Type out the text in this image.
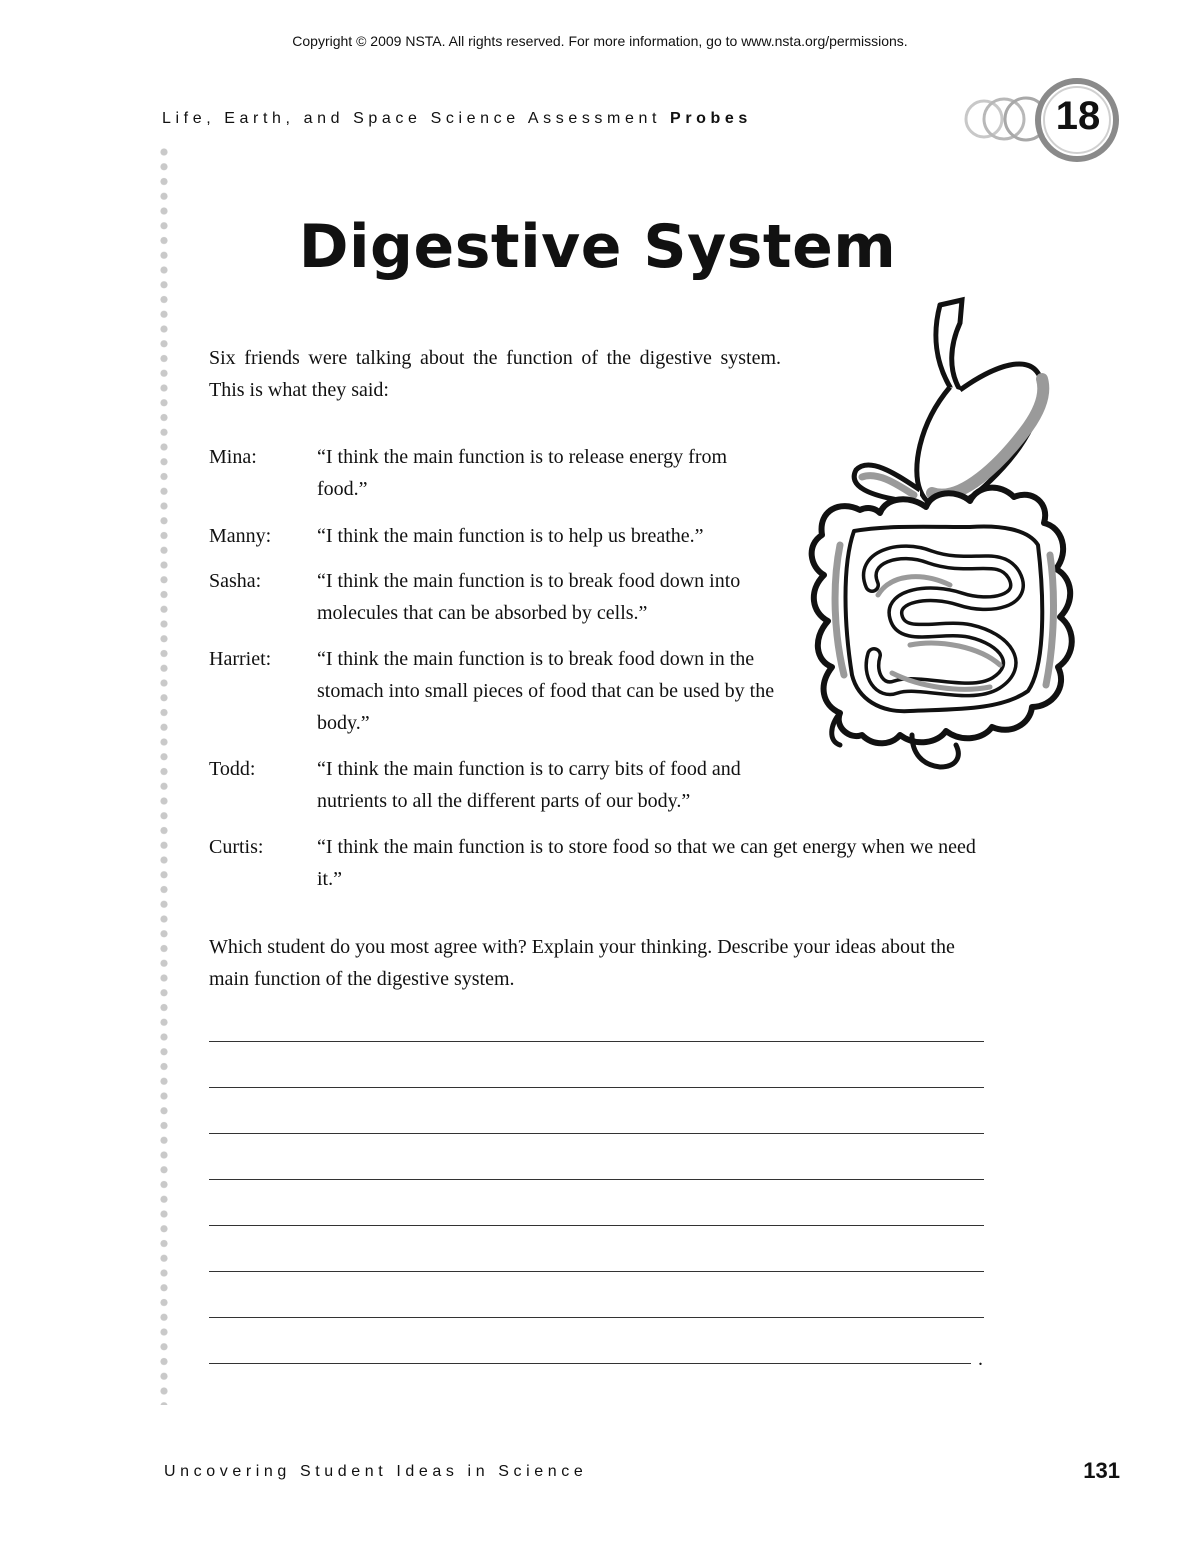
Copyright © 2009 NSTA. All rights reserved. For more information, go to www.nsta.org/permissions.
Life, Earth, and Space Science Assessment Probes	18
Digestive System
Six friends were talking about the function of the digestive system. This is what they said:
Mina:	“I think the main function is to release energy from food.”
Manny:	“I think the main function is to help us breathe.”
Sasha:	“I think the main function is to break food down into molecules that can be absorbed by cells.”
Harriet:	“I think the main function is to break food down in the stomach into small pieces of food that can be used by the body.”
Todd:	“I think the main function is to carry bits of food and nutrients to all the different parts of our body.”
Curtis:	“I think the main function is to store food so that we can get energy when we need it.”
Which student do you most agree with? Explain your thinking. Describe your ideas about the main function of the digestive system.
.
Uncovering Student Ideas in Science	131
